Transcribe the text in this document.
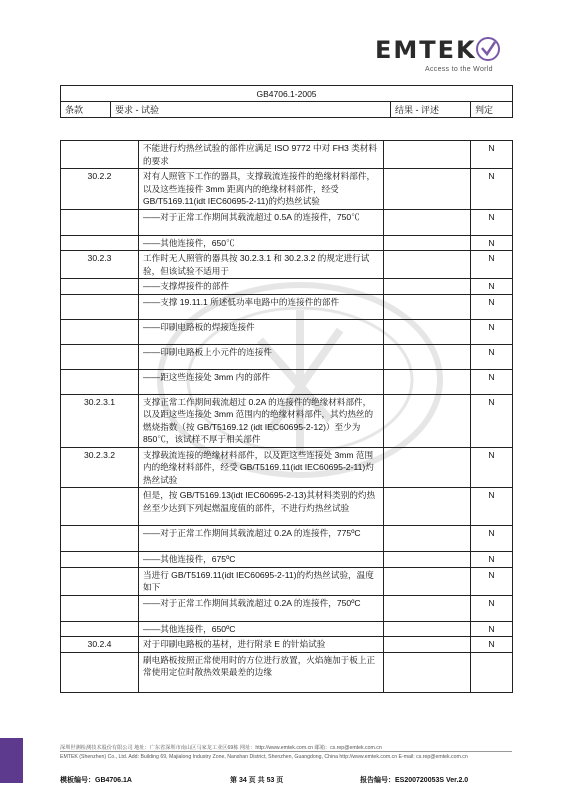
EMTEK
Access to the World
GB4706.1-2005
条款	要求 - 试验	结果 - 评述	判定
	不能进行灼热丝试验的部件应满足 ISO 9772 中对 FH3 类材料的要求		N
30.2.2	对有人照管下工作的器具，支撑载流连接件的绝缘材料部件，以及这些连接件 3mm 距离内的绝缘材料部件，经受 GB/T5169.11(idt IEC60695-2-11)的灼热丝试验		N
	——对于正常工作期间其载流超过 0.5A 的连接件，750℃		N
	——其他连接件，650℃		N
30.2.3	工作时无人照管的器具按 30.2.3.1 和 30.2.3.2 的规定进行试验，但该试验不适用于		N
	——支撑焊接件的部件		N
	——支撑 19.11.1 所述低功率电路中的连接件的部件		N
	——印刷电路板的焊接连接件		N
	——印刷电路板上小元件的连接件		N
	——距这些连接处 3mm 内的部件		N
30.2.3.1	支撑正常工作期间载流超过 0.2A 的连接件的绝缘材料部件，以及距这些连接处 3mm 范围内的绝缘材料部件，其灼热丝的燃烧指数（按 GB/T5169.12 (idt IEC60695-2-12)）至少为 850℃，该试样不厚于相关部件		N
30.2.3.2	支撑载流连接的绝缘材料部件，以及距这些连接处 3mm 范围内的绝缘材料部件，经受 GB/T5169.11(idt IEC60695-2-11)灼热丝试验		N
	但是，按 GB/T5169.13(idt IEC60695-2-13)其材料类别的灼热丝至少达到下列起燃温度值的部件，不进行灼热丝试验		N
	——对于正常工作期间其载流超过 0.2A 的连接件，775ºC		N
	——其他连接件，675ºC		N
	当进行 GB/T5169.11(idt IEC60695-2-11)的灼热丝试验，温度如下		N
	——对于正常工作期间其载流超过 0.2A 的连接件，750ºC		N
	——其他连接件，650ºC		N
30.2.4	对于印刷电路板的基材，进行附录 E 的针焰试验		N
	刷电路板按照正常使用时的方位进行放置，火焰施加于板上正常使用定位时散热效果最差的边缘		
深圳世测检测技术股份有限公司 地址：广东省深圳市南山区马家龙工业区69栋 网址：http://www.emtek.com.cn 邮箱：cs.rep@emtek.com.cn
EMTEK (Shenzhen) Co., Ltd. Add: Building 69, Majialong Industry Zone, Nanshan District, Shenzhen, Guangdong, China http://www.emtek.com.cn E-mail: cs.rep@emtek.com.cn
模板编号：GB4706.1A	第 34 页 共 53 页	报告编号：ES200720053S Ver.2.0
